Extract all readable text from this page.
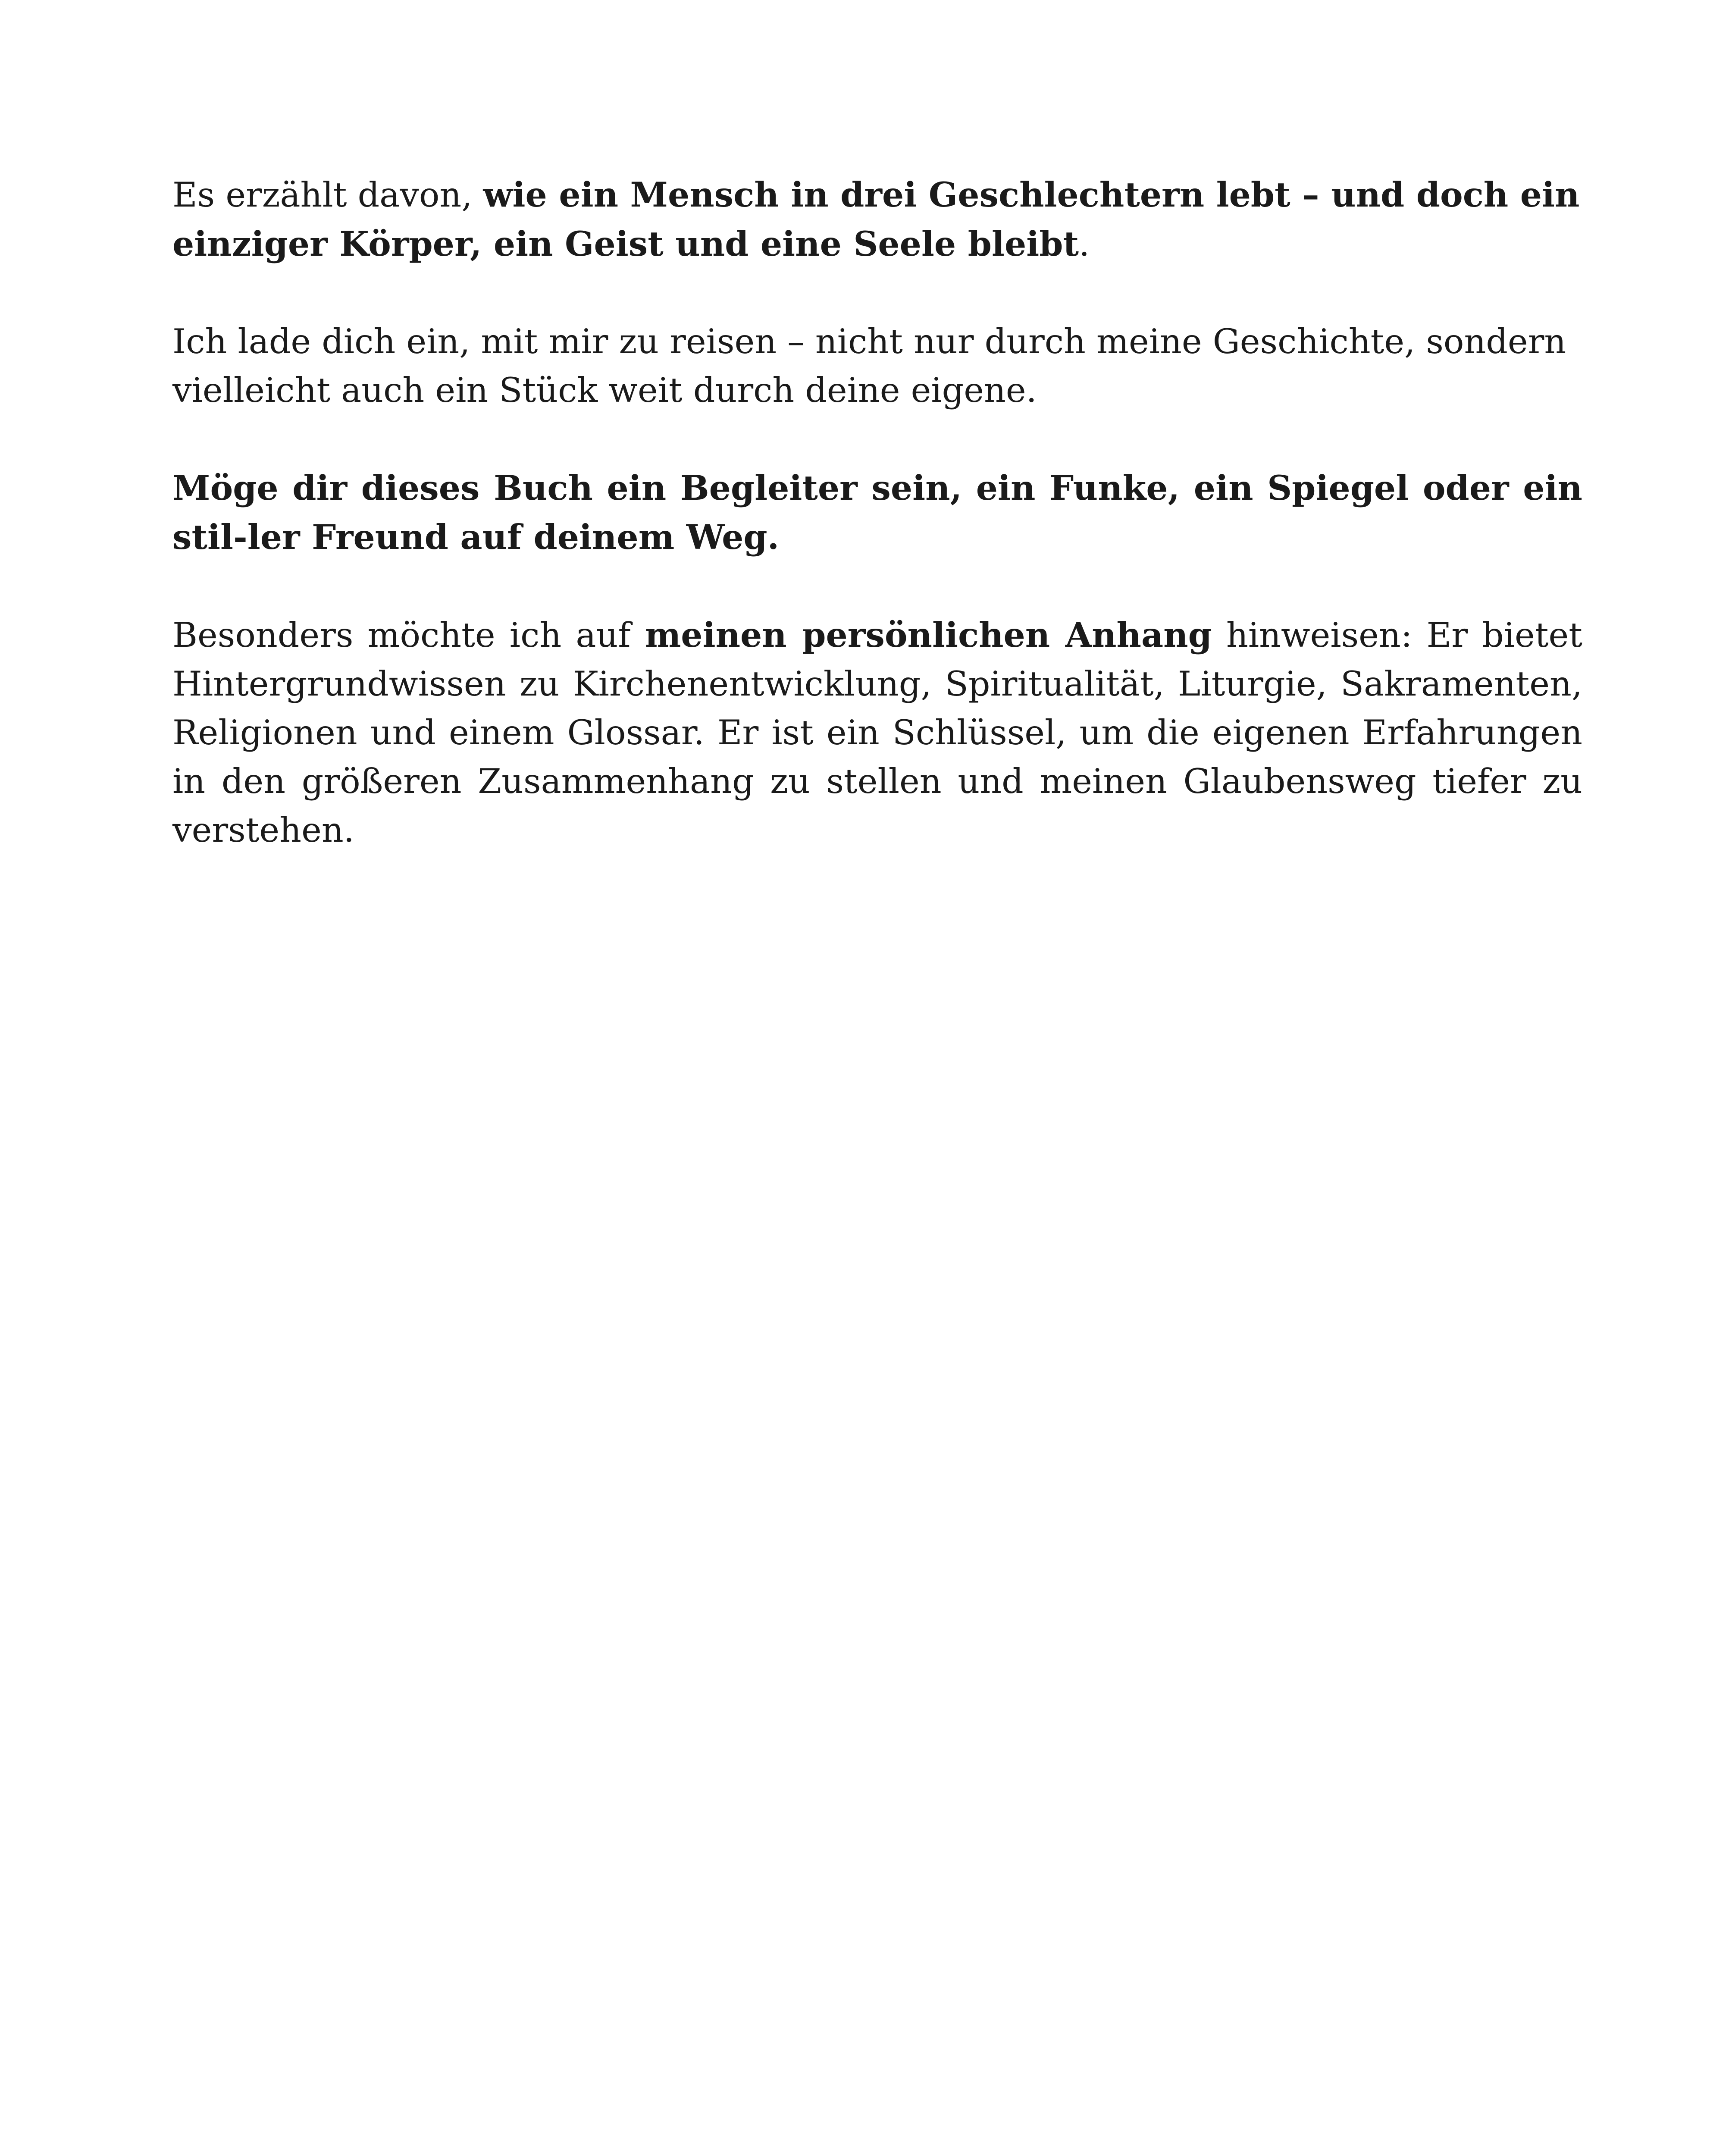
Es erzählt davon, wie ein Mensch in drei Geschlechtern lebt – und doch ein einziger Körper, ein Geist und eine Seele bleibt.

Ich lade dich ein, mit mir zu reisen – nicht nur durch meine Geschichte, sondern vielleicht auch ein Stück weit durch deine eigene.

Möge dir dieses Buch ein Begleiter sein, ein Funke, ein Spiegel oder ein stil-ler Freund auf deinem Weg.

Besonders möchte ich auf meinen persönlichen Anhang hinweisen: Er bietet Hintergrundwissen zu Kirchenentwicklung, Spiritualität, Liturgie, Sakramenten, Religionen und einem Glossar. Er ist ein Schlüssel, um die eigenen Erfahrungen in den größeren Zusammenhang zu stellen und meinen Glaubensweg tiefer zu verstehen.
